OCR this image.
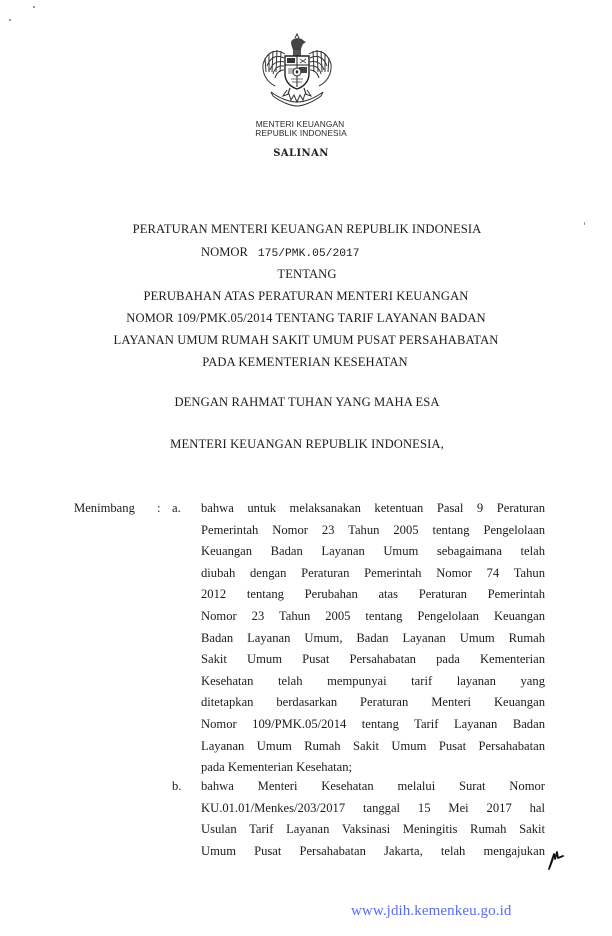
MENTERI KEUANGAN
REPUBLIK INDONESIA
SALINAN
PERATURAN MENTERI KEUANGAN REPUBLIK INDONESIA
NOMOR 175/PMK.05/2017
TENTANG
PERUBAHAN ATAS PERATURAN MENTERI KEUANGAN
NOMOR 109/PMK.05/2014 TENTANG TARIF LAYANAN BADAN
LAYANAN UMUM RUMAH SAKIT UMUM PUSAT PERSAHABATAN
PADA KEMENTERIAN KESEHATAN
DENGAN RAHMAT TUHAN YANG MAHA ESA
MENTERI KEUANGAN REPUBLIK INDONESIA,
Menimbang : a. bahwa untuk melaksanakan ketentuan Pasal 9 Peraturan
Pemerintah Nomor 23 Tahun 2005 tentang Pengelolaan
Keuangan Badan Layanan Umum sebagaimana telah
diubah dengan Peraturan Pemerintah Nomor 74 Tahun
2012 tentang Perubahan atas Peraturan Pemerintah
Nomor 23 Tahun 2005 tentang Pengelolaan Keuangan
Badan Layanan Umum, Badan Layanan Umum Rumah
Sakit Umum Pusat Persahabatan pada Kementerian
Kesehatan telah mempunyai tarif layanan yang
ditetapkan berdasarkan Peraturan Menteri Keuangan
Nomor 109/PMK.05/2014 tentang Tarif Layanan Badan
Layanan Umum Rumah Sakit Umum Pusat Persahabatan
pada Kementerian Kesehatan;
b. bahwa Menteri Kesehatan melalui Surat Nomor
KU.01.01/Menkes/203/2017 tanggal 15 Mei 2017 hal
Usulan Tarif Layanan Vaksinasi Meningitis Rumah Sakit
Umum Pusat Persahabatan Jakarta, telah mengajukan
www.jdih.kemenkeu.go.id
